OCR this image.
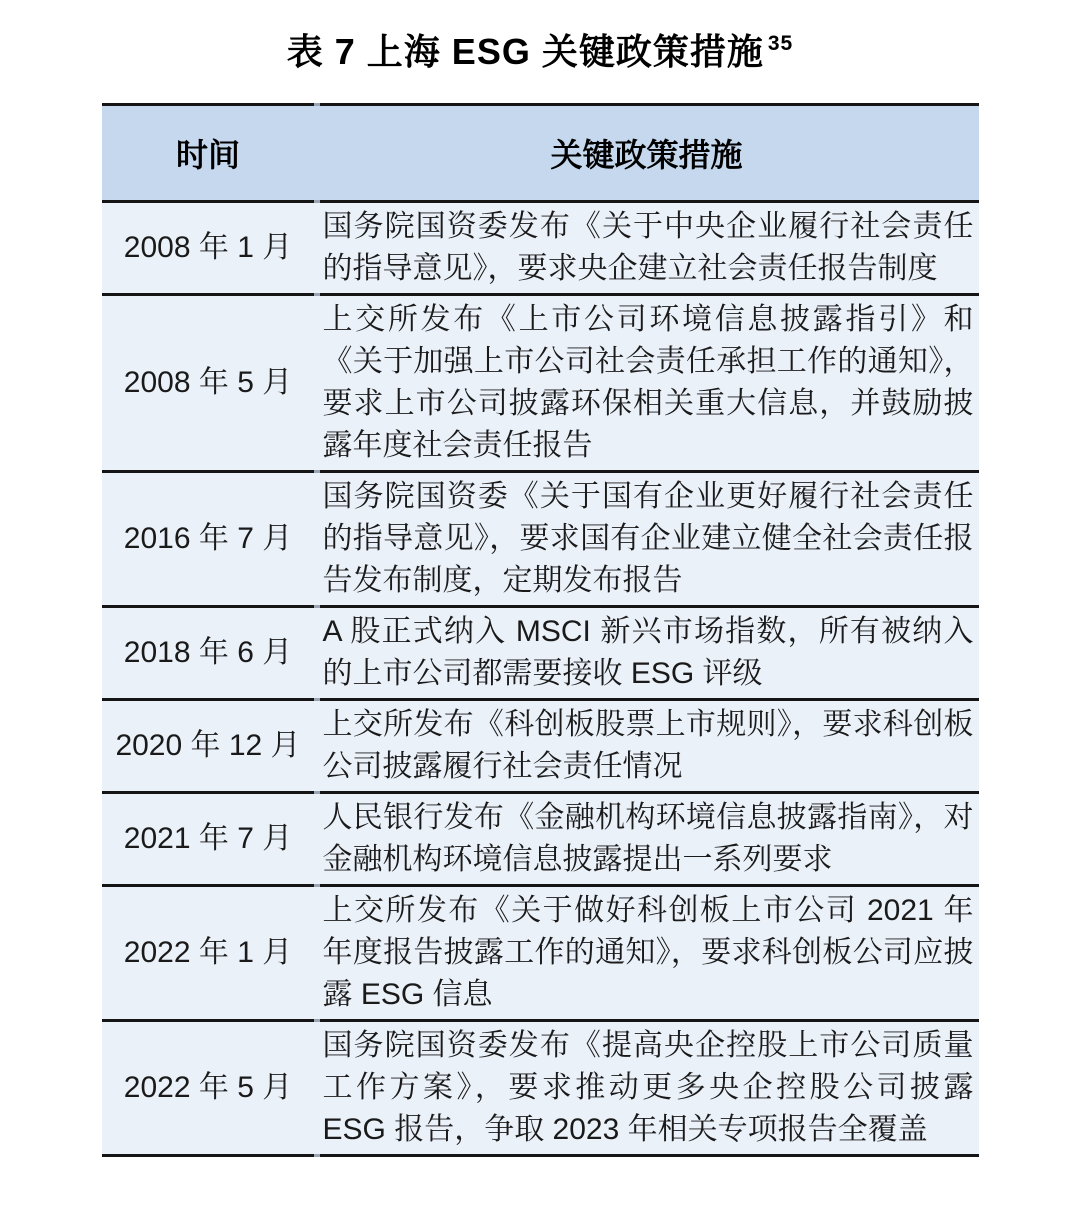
表 7 上海 ESG 关键政策措施 $^{35}$
时间	关键政策措施
2008 年 1 月	国务院国资委发布《关于中央企业履行社会责任的指导意见》，要求央企建立社会责任报告制度
2008 年 5 月	上交所发布《上市公司环境信息披露指引》和《关于加强上市公司社会责任承担工作的通知》，要求上市公司披露环保相关重大信息，并鼓励披露年度社会责任报告
2016 年 7 月	国务院国资委《关于国有企业更好履行社会责任的指导意见》，要求国有企业建立健全社会责任报告发布制度，定期发布报告
2018 年 6 月	A 股正式纳入 MSCI 新兴市场指数，所有被纳入的上市公司都需要接收 ESG 评级
2020 年 12 月	上交所发布《科创板股票上市规则》，要求科创板公司披露履行社会责任情况
2021 年 7 月	人民银行发布《金融机构环境信息披露指南》，对金融机构环境信息披露提出一系列要求
2022 年 1 月	上交所发布《关于做好科创板上市公司 2021 年年度报告披露工作的通知》，要求科创板公司应披露 ESG 信息
2022 年 5 月	国务院国资委发布《提高央企控股上市公司质量工作方案》，要求推动更多央企控股公司披露 ESG 报告，争取 2023 年相关专项报告全覆盖
